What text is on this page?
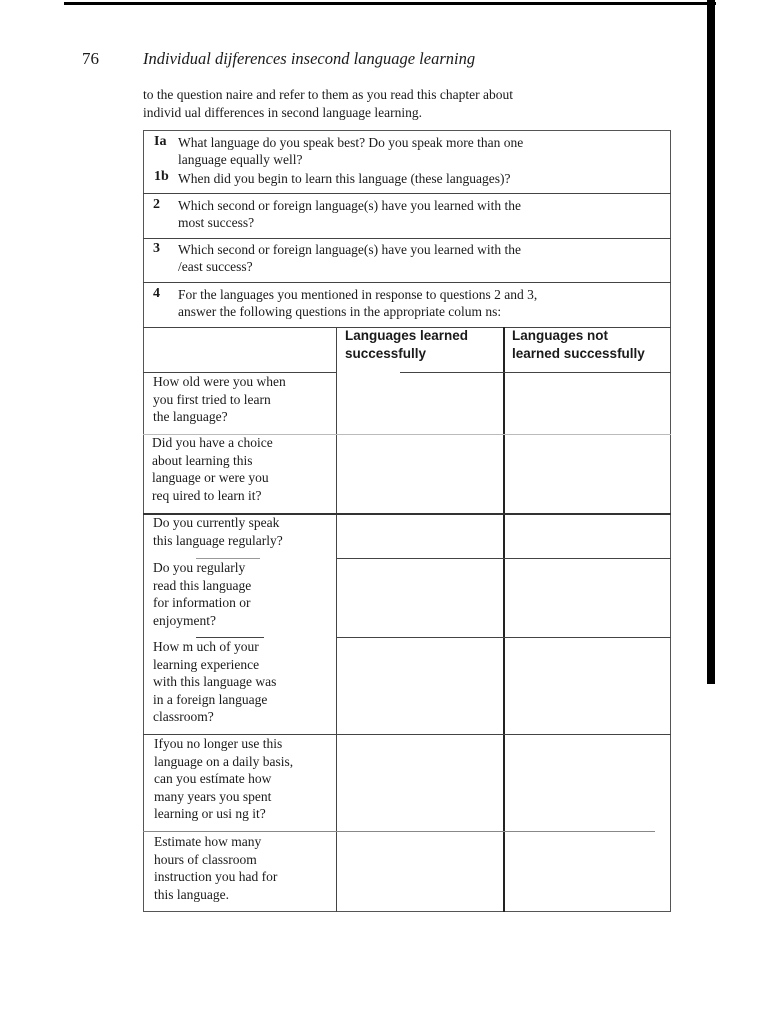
76	Individual dijferences insecond language learning
to the question naire and refer to them as you read this chapter about
individ ual differences in second language learning.
Ia What language do you speak best? Do you speak more than one
language equally well?
1b When did you begin to learn this language (these languages)?
2 Which second or foreign language(s) have you learned with the
most success?
3 Which second or foreign language(s) have you learned with the
/east success?
4 For the languages you mentioned in response to questions 2 and 3,
answer the following questions in the appropriate colum ns:
Languages learned
successfully
Languages not
learned successfully
How old were you when
you first tried to learn
the language?
Did you have a choice
about learning this
language or were you
req uired to learn it?
Do you currently speak
this language regularly?
Do you regularly
read this language
for information or
enjoyment?
How m uch of your
learning experience
with this language was
in a foreign language
classroom?
Ifyou no longer use this
language on a daily basis,
can you estímate how
many years you spent
learning or usi ng it?
Estimate how many
hours of classroom
instruction you had for
this language.
